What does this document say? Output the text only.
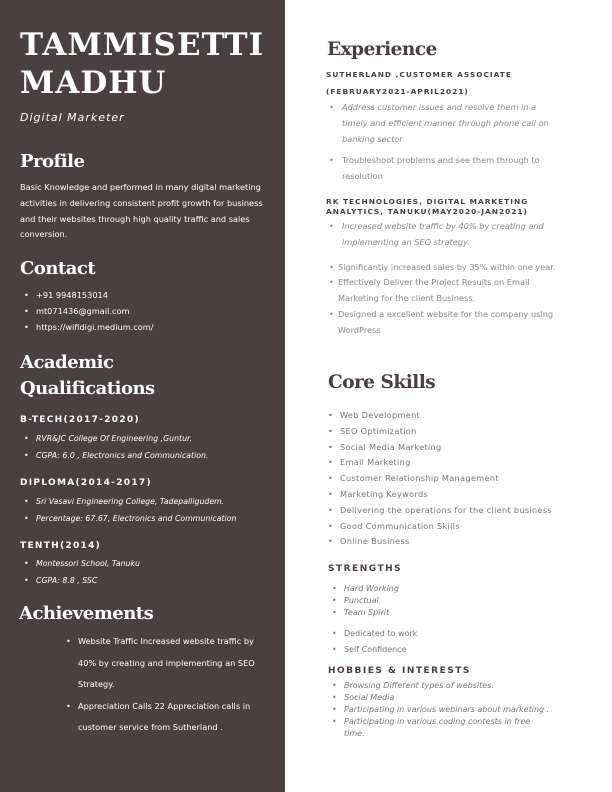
TAMMISETTI
MADHU
Digital Marketer
Profile
Basic Knowledge and performed in many digital marketing activities in delivering consistent profit growth for business and their websites through high quality traffic and sales conversion.
Contact
• +91 9948153014
• mt071436@gmail.com
• https://wifidigi.medium.com/
Academic
Qualifications
B-TECH(2017-2020)
• RVR&JC College Of Engineering ,Guntur.
• CGPA: 6.0 , Electronics and Communication.
DIPLOMA(2014-2017)
• Sri Vasavi Engineering College, Tadepalligudem.
• Percentage: 67.67, Electronics and Communication
TENTH(2014)
• Montessori School, Tanuku
• CGPA: 8.8 , SSC
Achievements
• Website Traffic Increased website traffic by 40% by creating and implementing an SEO Strategy.
• Appreciation Calls 22 Appreciation calls in customer service from Sutherland .
Experience
SUTHERLAND ,CUSTOMER ASSOCIATE
(FEBRUARY2021-APRIL2021)
• Address customer issues and resolve them in a timely and efficient manner through phone call on banking sector
• Troubleshoot problems and see them through to resolution
RK TECHNOLOGIES, DIGITAL MARKETING
ANALYTICS, TANUKU(MAY2020-JAN2021)
• Increased website traffic by 40% by creating and implementing an SEO strategy.
• Significantly increased sales by 35% within one year.
• Effectively Deliver the Project Results on Email Marketing for the client Business.
• Designed a excellent website for the company using WordPress
Core Skills
• Web Development
• SEO Optimization
• Social Media Marketing
• Email Marketing
• Customer Relationship Management
• Marketing Keywords
• Delivering the operations for the client business
• Good Communication Skills
• Online Business
STRENGTHS
• Hard Working
• Punctual
• Team Spirit
• Dedicated to work
• Self Confidence
HOBBIES & INTERESTS
• Browsing Different types of websites.
• Social Media
• Participating in various webinars about marketing .
• Participating in various coding contests in free time.
